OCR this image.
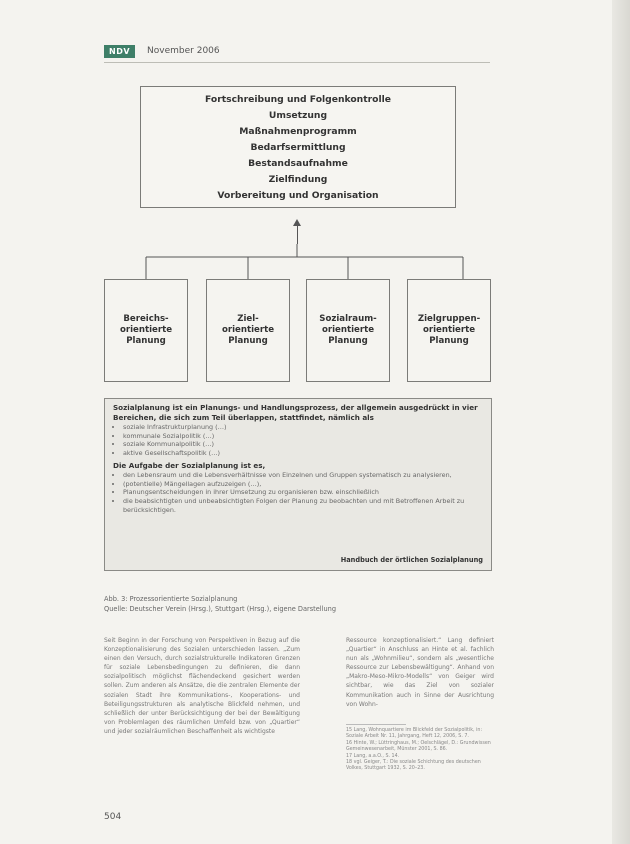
NDV	November 2006
Fortschreibung und Folgenkontrolle
Umsetzung
Maßnahmenprogramm
Bedarfsermittlung
Bestandsaufnahme
Zielfindung
Vorbereitung und Organisation
Bereichs-
orientierte
Planung
Ziel-
orientierte
Planung
Sozialraum-
orientierte
Planung
Zielgruppen-
orientierte
Planung
Sozialplanung ist ein Planungs- und Handlungsprozess, der allgemein ausgedrückt in vier Bereichen, die sich zum Teil überlappen, stattfindet, nämlich als
• soziale Infrastrukturplanung (…)
• kommunale Sozialpolitik (…)
• soziale Kommunalpolitik (…)
• aktive Gesellschaftspolitik (…)
Die Aufgabe der Sozialplanung ist es,
• den Lebensraum und die Lebensverhältnisse von Einzelnen und Gruppen systematisch zu analysieren,
• (potentielle) Mängellagen aufzuzeigen (…),
• Planungsentscheidungen in ihrer Umsetzung zu organisieren bzw. einschließlich
• die beabsichtigten und unbeabsichtigten Folgen der Planung zu beobachten und mit Betroffenen Arbeit zu berücksichtigen.
Handbuch der örtlichen Sozialplanung
Abb. 3: Prozessorientierte Sozialplanung
Quelle: Deutscher Verein (Hrsg.), Stuttgart (Hrsg.), eigene Darstellung
Seit Beginn in der Forschung von Perspektiven in Bezug auf die Konzeptionalisierung des Sozialen unterschieden lassen. „Zum einen den Versuch, durch sozialstrukturelle Indikatoren Grenzen für soziale Lebensbedingungen zu definieren, die dann sozialpolitisch möglichst flächendeckend gesichert werden sollen. Zum anderen als Ansätze, die die zentralen Elemente der sozialen Stadt ihre Kommunikations-, Kooperations- und Beteiligungsstrukturen als analytische Blickfeld nehmen, und schließlich der unter Berücksichtigung der bei der Bewältigung von Problemlagen des räumlichen Umfeld bzw. von „Quartier“ und jeder sozialräumlichen Beschaffenheit als wichtigste
Ressource konzeptionalisiert.“ Lang definiert „Quartier“ in Anschluss an Hinte et al. fachlich nun als „Wohnmilieu“, sondern als „wesentliche Ressource zur Lebensbewältigung“. Anhand von „Makro-Meso-Mikro-Modells“ von Geiger wird sichtbar, wie das Ziel von sozialer Kommunikation auch in Sinne der Ausrichtung von Wohn-
15 Lang, Wohnquartiere im Blickfeld der Sozialpolitik, in: Soziale Arbeit Nr. 11, Jahrgang, Heft 12, 2006, S. 7.
16 Hinte, W.; Lüttringhaus, M.; Oelschlägel, D.: Grundwissen Gemeinwesenarbeit, Münster 2001, S. 86.
17 Lang, a.a.O., S. 14.
18 vgl. Geiger, T.: Die soziale Schichtung des deutschen Volkes, Stuttgart 1932, S. 20–23.
504
